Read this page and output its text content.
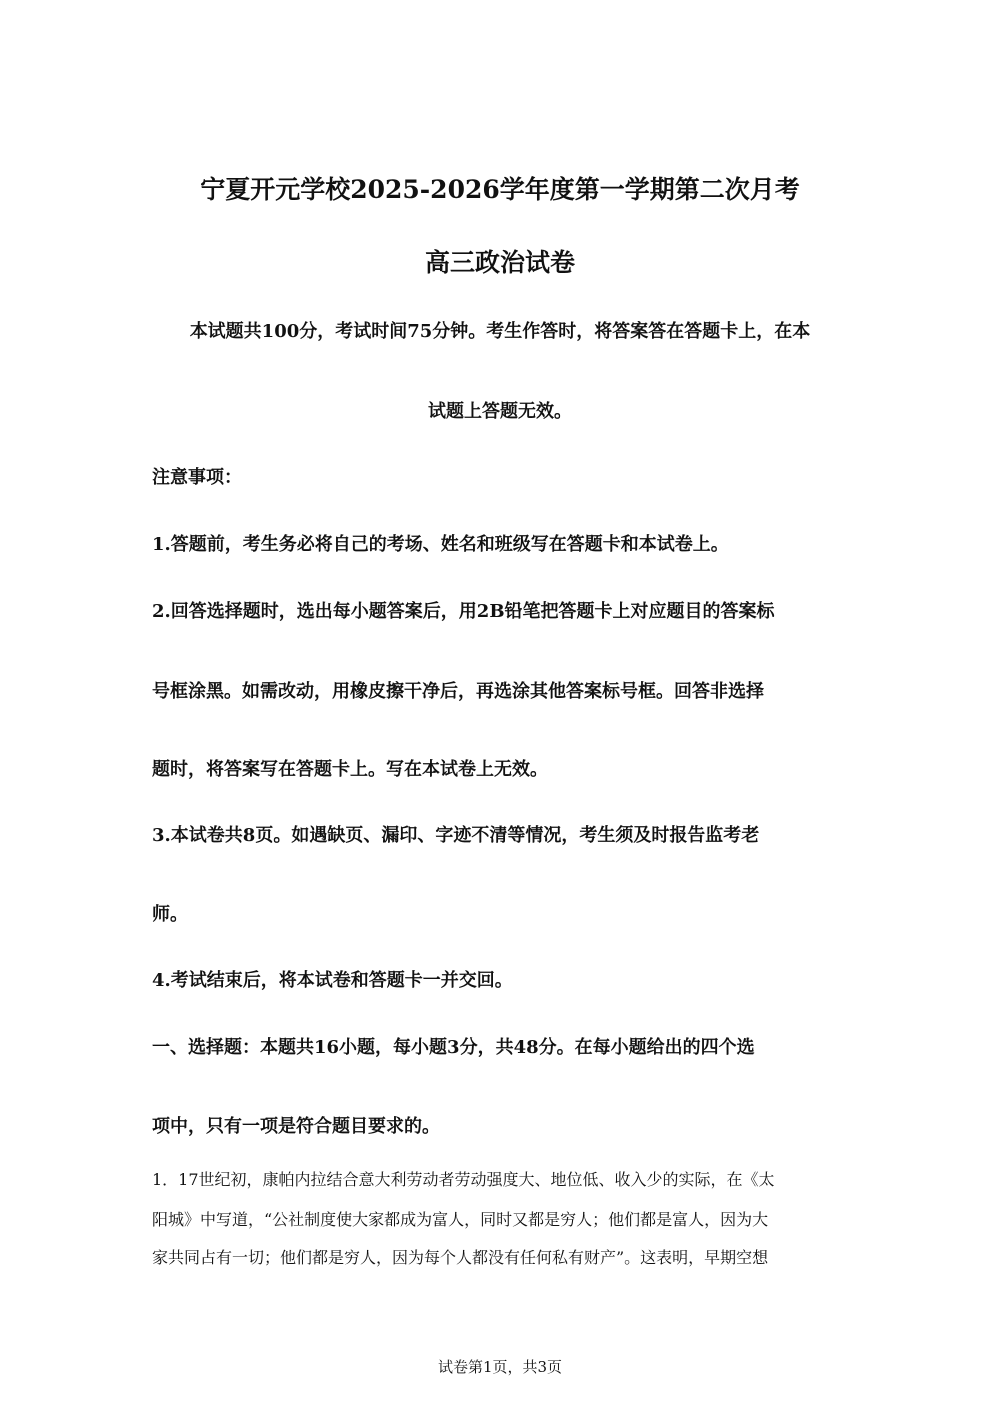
宁夏开元学校2025-2026学年度第一学期第二次月考
高三政治试卷
本试题共100分，考试时间75分钟。考生作答时，将答案答在答题卡上，在本
试题上答题无效。
注意事项：
1.答题前，考生务必将自己的考场、姓名和班级写在答题卡和本试卷上。
2.回答选择题时，选出每小题答案后，用2B铅笔把答题卡上对应题目的答案标
号框涂黑。如需改动，用橡皮擦干净后，再选涂其他答案标号框。回答非选择
题时，将答案写在答题卡上。写在本试卷上无效。
3.本试卷共8页。如遇缺页、漏印、字迹不清等情况，考生须及时报告监考老
师。
4.考试结束后，将本试卷和答题卡一并交回。
一、选择题：本题共16小题，每小题3分，共48分。在每小题给出的四个选
项中，只有一项是符合题目要求的。
1．17世纪初，康帕内拉结合意大利劳动者劳动强度大、地位低、收入少的实际，在《太
阳城》中写道，“公社制度使大家都成为富人，同时又都是穷人；他们都是富人，因为大
家共同占有一切；他们都是穷人，因为每个人都没有任何私有财产”。这表明，早期空想
试卷第1页，共3页
